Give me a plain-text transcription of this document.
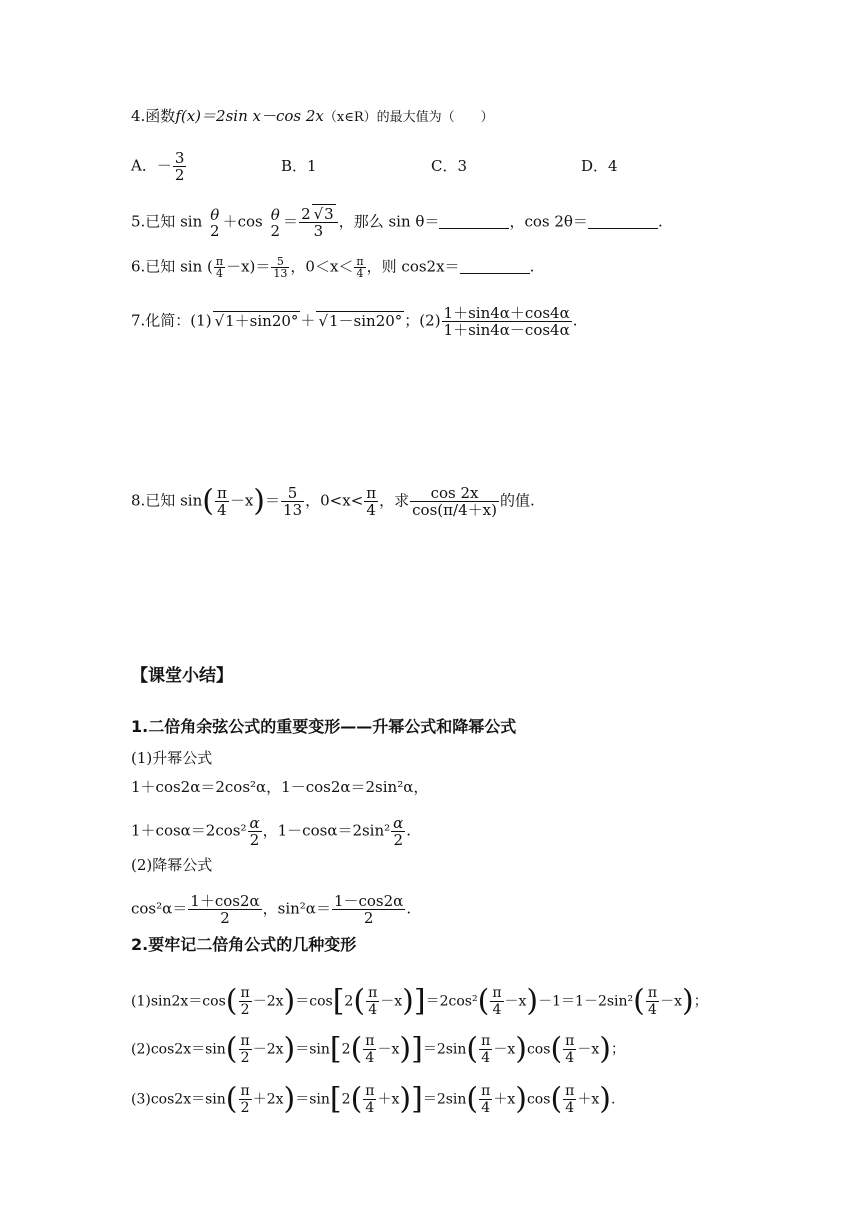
4.函数f(x)＝2sin x－cos 2x（x∈R）的最大值为（　　）
A．－ $\frac{3}{2}$	B．1	C．3	D．4
5.已知 sin θ
2 ＋cos θ
$2 = \frac{2 √ 3}{3}$ ，那么 sin θ＝	，cos 2θ＝	.
6.已知 sin ( $\frac{\pi}{4} -x)= \frac{5}{13}$ ，$0<x< \frac{\pi}{4}$ ，则 cos2x＝	.
7.化简：(1) √ 1＋sin20° ＋ √ 1－sin20° ；$(2) \frac{1+\sin 4\alpha+\cos 4\alpha}{1+\sin 4\alpha-\cos 4\alpha}$ .
8.已知 $\sin( \frac{\pi}{4} -x)= \frac{5}{13}$ ，$0<x< \frac{\pi}{4}$ ，求 $\frac{\cos 2x}{\cos(\pi/4+x)}$ 的值.
【课堂小结】
1.二倍角余弦公式的重要变形——升幂公式和降幂公式
(1)升幂公式
1＋cos2α＝2cos²α，1－cos2α＝2sin²α，
$1+\cos\alpha=2\cos^2 \frac{\alpha}{2}$ ，$1-\cos\alpha=2\sin^2 \frac{\alpha}{2}$ .
(2)降幂公式
$\cos^2\alpha= \frac{1+\cos 2\alpha}{2}$ ，$\sin^2\alpha= \frac{1-\cos 2\alpha}{2}$ .
2.要牢记二倍角公式的几种变形
$(1)\sin 2x=\cos( \frac{\pi}{2} -2x)=\cos[2( \frac{\pi}{4} -x)]=2\cos^2( \frac{\pi}{4} -x)-1=1-2\sin^2( \frac{\pi}{4} -x)$；
$(2)\cos 2x=\sin( \frac{\pi}{2} -2x)=\sin[2( \frac{\pi}{4} -x)]=2\sin( \frac{\pi}{4} -x)\cos( \frac{\pi}{4} -x)$；
$(3)\cos 2x=\sin( \frac{\pi}{2} +2x)=\sin[2( \frac{\pi}{4} +x)]=2\sin( \frac{\pi}{4} +x)\cos( \frac{\pi}{4} +x)$.
